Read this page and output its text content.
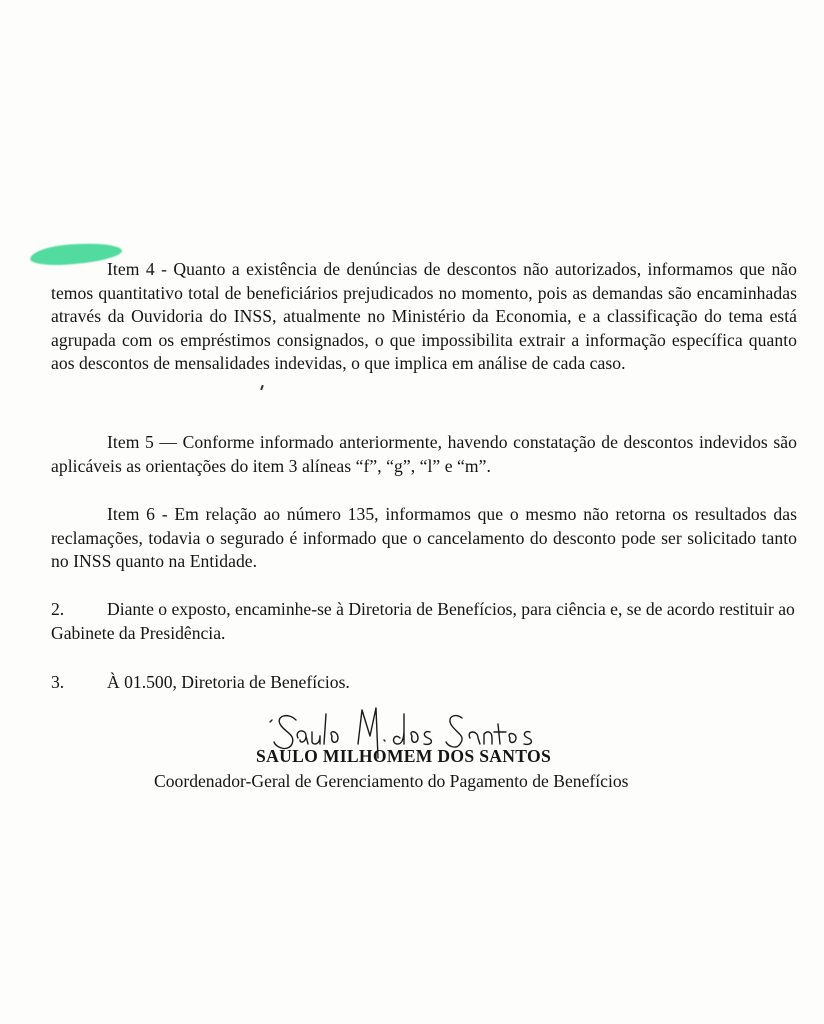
Item 4 - Quanto a existência de denúncias de descontos não autorizados, informamos que não temos quantitativo total de beneficiários prejudicados no momento, pois as demandas são encaminhadas através da Ouvidoria do INSS, atualmente no Ministério da Economia, e a classificação do tema está agrupada com os empréstimos consignados, o que impossibilita extrair a informação específica quanto aos descontos de mensalidades indevidas, o que implica em análise de cada caso.

Item 5 — Conforme informado anteriormente, havendo constatação de descontos indevidos são aplicáveis as orientações do item 3 alíneas “f”, “g”, “l” e “m”.

Item 6 - Em relação ao número 135, informamos que o mesmo não retorna os resultados das reclamações, todavia o segurado é informado que o cancelamento do desconto pode ser solicitado tanto no INSS quanto na Entidade.

2. Diante o exposto, encaminhe-se à Diretoria de Benefícios, para ciência e, se de acordo restituir ao Gabinete da Presidência.

3. À 01.500, Diretoria de Benefícios.

SAULO MILHOMEM DOS SANTOS

Coordenador-Geral de Gerenciamento do Pagamento de Benefícios
